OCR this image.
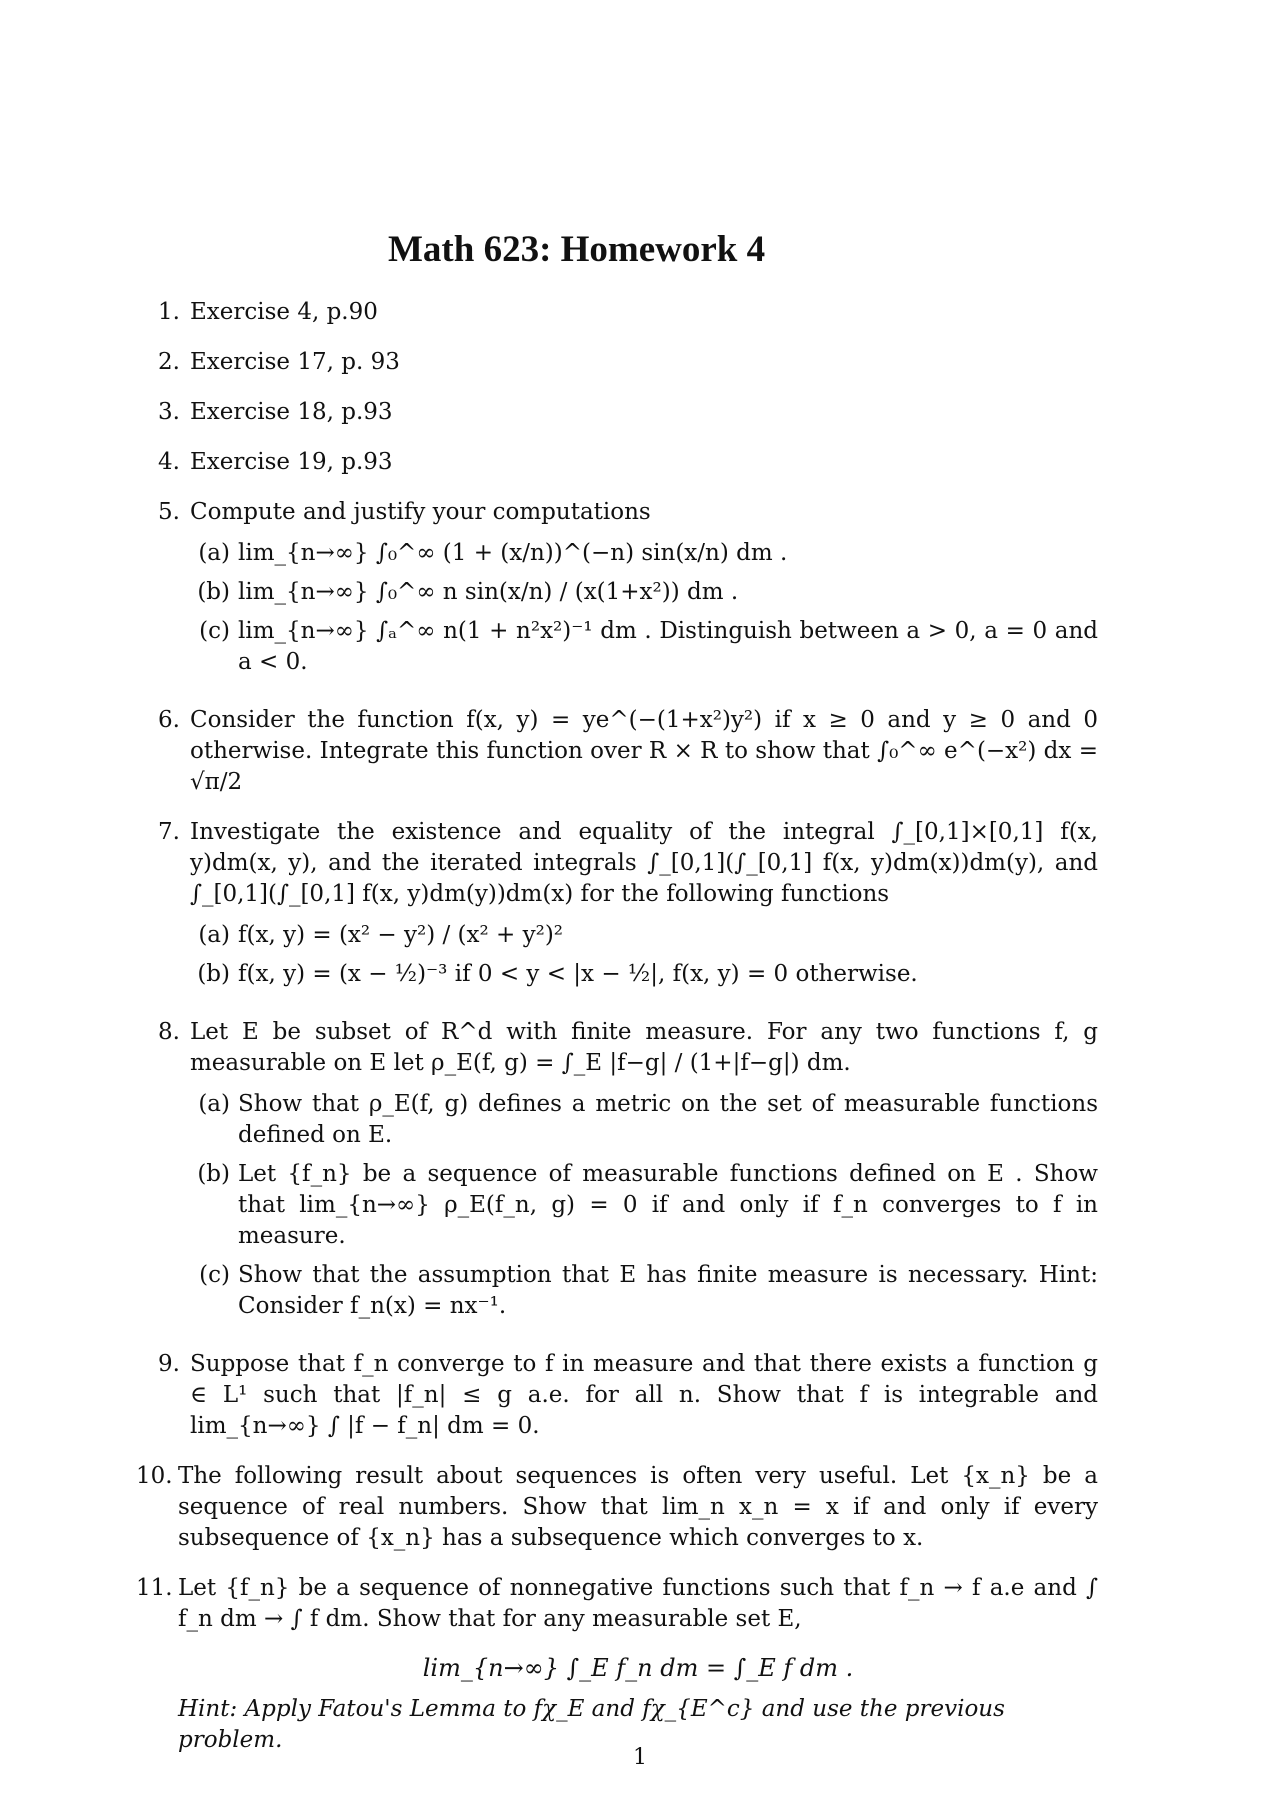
Math 623: Homework 4
1. Exercise 4, p.90
2. Exercise 17, p. 93
3. Exercise 18, p.93
4. Exercise 19, p.93
5. Compute and justify your computations
(a) lim_{n→∞} ∫₀^∞ (1 + (x/n))^(−n) sin(x/n) dm .
(b) lim_{n→∞} ∫₀^∞ n sin(x/n) / (x(1+x²)) dm .
(c) lim_{n→∞} ∫ₐ^∞ n(1 + n²x²)⁻¹ dm . Distinguish between a > 0, a = 0 and a < 0.
6. Consider the function f(x, y) = ye^(−(1+x²)y²) if x ≥ 0 and y ≥ 0 and 0 otherwise. Integrate this function over R × R to show that ∫₀^∞ e^(−x²) dx = √π/2
7. Investigate the existence and equality of the integral ∫_[0,1]×[0,1] f(x, y)dm(x, y), and the iterated integrals ∫_[0,1](∫_[0,1] f(x, y)dm(x))dm(y), and ∫_[0,1](∫_[0,1] f(x, y)dm(y))dm(x) for the following functions
(a) f(x, y) = (x² − y²) / (x² + y²)²
(b) f(x, y) = (x − ½)⁻³ if 0 < y < |x − ½|, f(x, y) = 0 otherwise.
8. Let E be subset of R^d with finite measure. For any two functions f, g measurable on E let ρ_E(f, g) = ∫_E |f−g| / (1+|f−g|) dm.
(a) Show that ρ_E(f, g) defines a metric on the set of measurable functions defined on E.
(b) Let {f_n} be a sequence of measurable functions defined on E . Show that lim_{n→∞} ρ_E(f_n, g) = 0 if and only if f_n converges to f in measure.
(c) Show that the assumption that E has finite measure is necessary. Hint: Consider f_n(x) = nx⁻¹.
9. Suppose that f_n converge to f in measure and that there exists a function g ∈ L¹ such that |f_n| ≤ g a.e. for all n. Show that f is integrable and lim_{n→∞} ∫ |f − f_n| dm = 0.
10. The following result about sequences is often very useful. Let {x_n} be a sequence of real numbers. Show that lim_n x_n = x if and only if every subsequence of {x_n} has a subsequence which converges to x.
11. Let {f_n} be a sequence of nonnegative functions such that f_n → f a.e and ∫ f_n dm → ∫ f dm. Show that for any measurable set E,
lim_{n→∞} ∫_E f_n dm = ∫_E f dm .
Hint: Apply Fatou's Lemma to fχ_E and fχ_{E^c} and use the previous problem.
1
